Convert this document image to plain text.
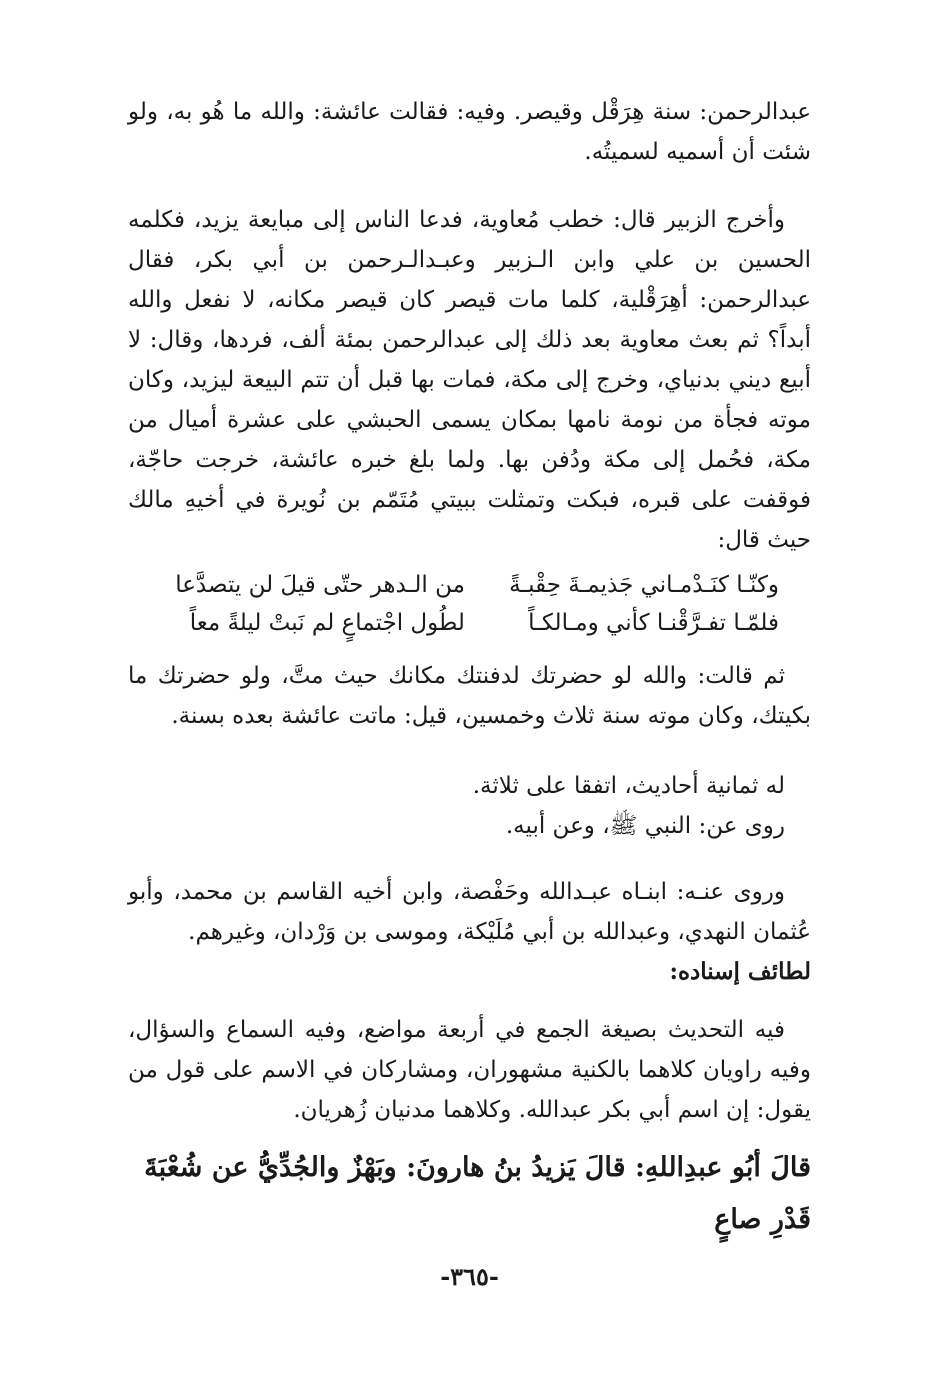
عبدالرحمن: سنة هِرَقْل وقيصر. وفيه: فقالت عائشة: والله ما هُو به، ولو شئت أن أسميه لسميتُه.

وأخرج الزبير قال: خطب مُعاوية، فدعا الناس إلى مبايعة يزيد، فكلمه الحسين بن علي وابن الـزبير وعبـدالـرحمن بن أبي بكر، فقال عبدالرحمن: أهِرَقْلية، كلما مات قيصر كان قيصر مكانه، لا نفعل والله أبداً؟ ثم بعث معاوية بعد ذلك إلى عبدالرحمن بمئة ألف، فردها، وقال: لا أبيع ديني بدنياي، وخرج إلى مكة، فمات بها قبل أن تتم البيعة ليزيد، وكان موته فجأة من نومة نامها بمكان يسمى الحبشي على عشرة أميال من مكة، فحُمل إلى مكة ودُفن بها. ولما بلغ خبره عائشة، خرجت حاجّة، فوقفت على قبره، فبكت وتمثلت ببيتي مُتَمّم بن نُويرة في أخيهِ مالك حيث قال:

وكنّـا كنَـدْمـاني جَذيمـةَ حِقْبـةً
من الـدهر حتّى قيلَ لن يتصدَّعا
فلمّـا تفـرَّقْنـا كأني ومـالكـاً
لطُول اجْتماعٍ لم نَبتْ ليلةً معاً

ثم قالت: والله لو حضرتك لدفنتك مكانك حيث متَّ، ولو حضرتك ما بكيتك، وكان موته سنة ثلاث وخمسين، قيل: ماتت عائشة بعده بسنة.

له ثمانية أحاديث، اتفقا على ثلاثة.

روى عن: النبي ﷺ، وعن أبيه.

وروى عنـه: ابنـاه عبـدالله وحَفْصة، وابن أخيه القاسم بن محمد، وأبو عُثمان النهدي، وعبدالله بن أبي مُلَيْكة، وموسى بن وَرْدان، وغيرهم.

لطائف إسناده:

فيه التحديث بصيغة الجمع في أربعة مواضع، وفيه السماع والسؤال، وفيه راويان كلاهما بالكنية مشهوران، ومشاركان في الاسم على قول من يقول: إن اسم أبي بكر عبدالله. وكلاهما مدنيان زُهريان.

قالَ أبُو عبدِاللهِ: قالَ يَزيدُ بنُ هارونَ: وبَهْزٌ والجُدِّيُّ عن شُعْبَةَ قَدْرِ صاعٍ
-٣٦٥-
